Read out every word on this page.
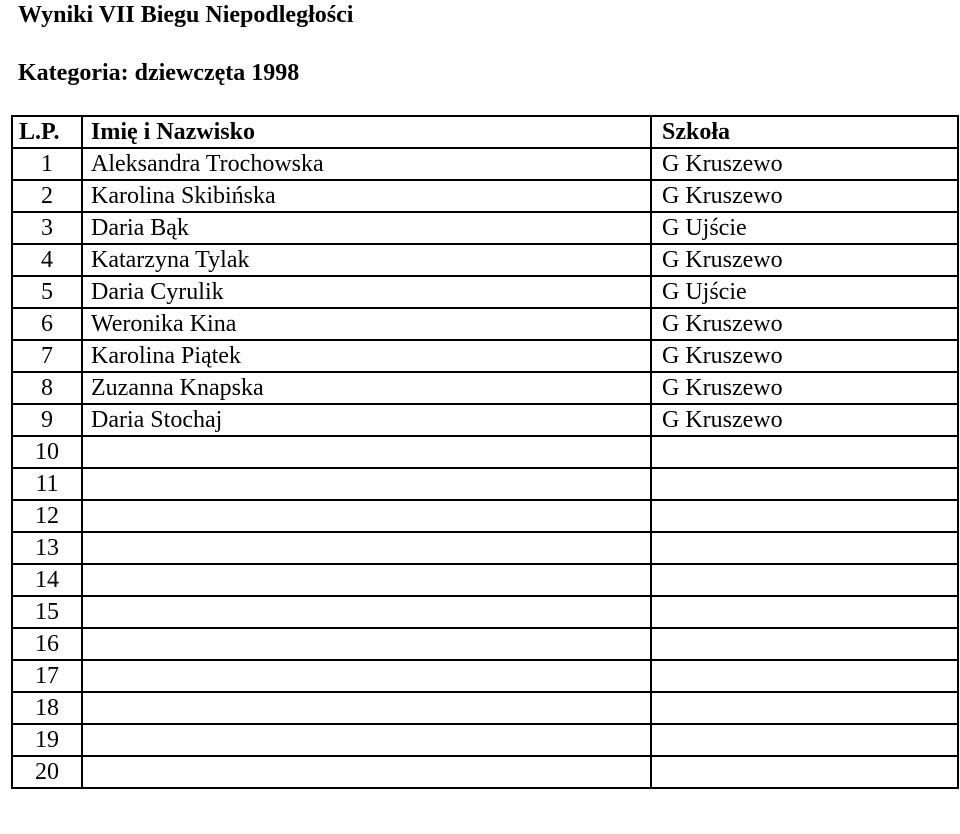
Wyniki VII Biegu Niepodległości
Kategoria: dziewczęta 1998
L.P.	Imię i Nazwisko	Szkoła
1	Aleksandra Trochowska	G Kruszewo
2	Karolina Skibińska	G Kruszewo
3	Daria Bąk	G Ujście
4	Katarzyna Tylak	G Kruszewo
5	Daria Cyrulik	G Ujście
6	Weronika Kina	G Kruszewo
7	Karolina Piątek	G Kruszewo
8	Zuzanna Knapska	G Kruszewo
9	Daria Stochaj	G Kruszewo
10		
11		
12		
13		
14		
15		
16		
17		
18		
19		
20		
